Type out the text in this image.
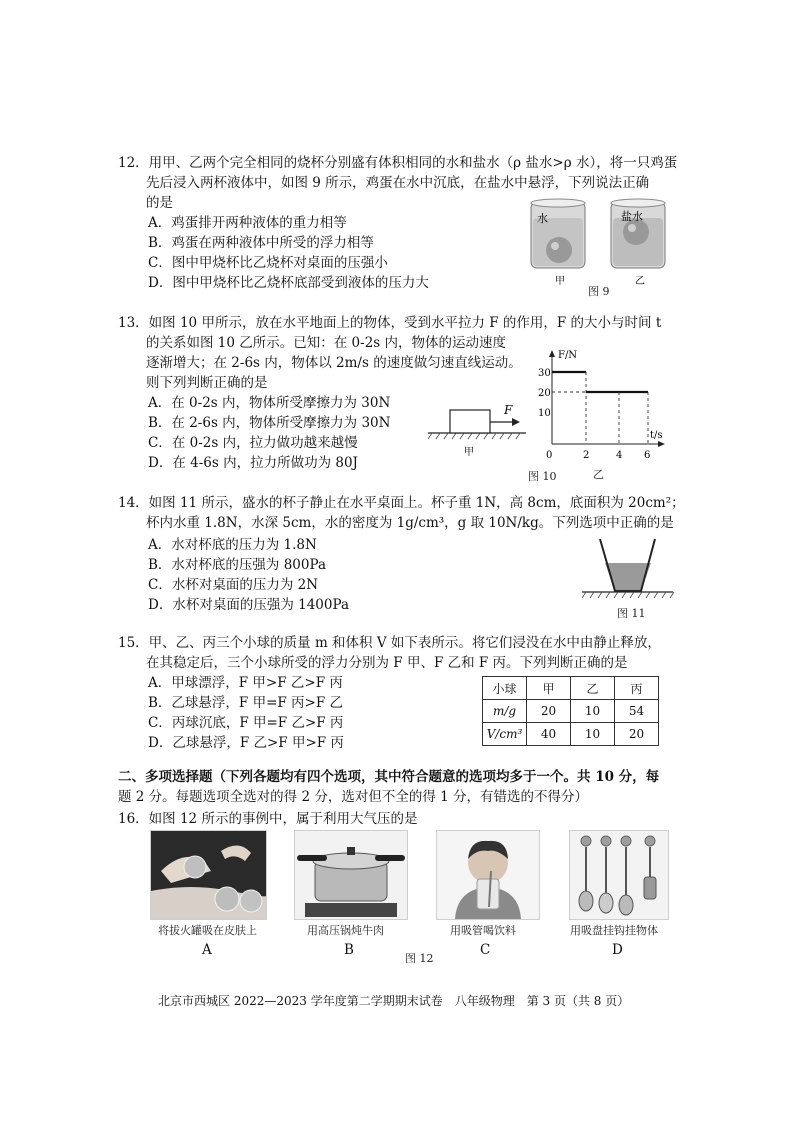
12．用甲、乙两个完全相同的烧杯分别盛有体积相同的水和盐水（ρ 盐水>ρ 水），将一只鸡蛋
先后浸入两杯液体中，如图 9 所示，鸡蛋在水中沉底，在盐水中悬浮，下列说法正确
的是
A．鸡蛋排开两种液体的重力相等
B．鸡蛋在两种液体中所受的浮力相等
C．图中甲烧杯比乙烧杯对桌面的压强小
D．图中甲烧杯比乙烧杯底部受到液体的压力大
水	盐水
甲	乙
图 9
13．如图 10 甲所示，放在水平地面上的物体，受到水平拉力 F 的作用，F 的大小与时间 t
的关系如图 10 乙所示。已知：在 0-2s 内，物体的运动速度
逐渐增大；在 2-6s 内，物体以 2m/s 的速度做匀速直线运动。
则下列判断正确的是
A．在 0-2s 内，物体所受摩擦力为 30N
B．在 2-6s 内，物体所受摩擦力为 30N
C．在 0-2s 内，拉力做功越来越慢
D．在 4-6s 内，拉力所做功为 80J
F
甲
F/N
t/s
30
20
10
0	2	4 6
乙
图 10
14．如图 11 所示，盛水的杯子静止在水平桌面上。杯子重 1N，高 8cm，底面积为 20cm²；
杯内水重 1.8N，水深 5cm，水的密度为 1g/cm³，g 取 10N/kg。下列选项中正确的是
A．水对杯底的压力为 1.8N
B．水对杯底的压强为 800Pa
C．水杯对桌面的压力为 2N
D．水杯对桌面的压强为 1400Pa
图 11
15．甲、乙、丙三个小球的质量 m 和体积 V 如下表所示。将它们浸没在水中由静止释放，
在其稳定后，三个小球所受的浮力分别为 F 甲、F 乙和 F 丙。下列判断正确的是
A．甲球漂浮，F 甲>F 乙>F 丙
B．乙球悬浮，F 甲=F 丙>F 乙
C．丙球沉底，F 甲=F 乙>F 丙
D．乙球悬浮，F 乙>F 甲>F 丙
小球	甲	乙	丙
m/g	20	10	54
V/cm³	40	10	20
二、多项选择题（下列各题均有四个选项，其中符合题意的选项均多于一个。共 10 分，每
题 2 分。每题选项全选对的得 2 分，选对但不全的得 1 分，有错选的不得分）
16．如图 12 所示的事例中，属于利用大气压的是
将拔火罐吸在皮肤上
A
用高压锅炖牛肉
B
用吸管喝饮料
C
用吸盘挂钩挂物体
D
图 12
北京市西城区 2022—2023 学年度第二学期期末试卷　八年级物理　第 3 页（共 8 页）
